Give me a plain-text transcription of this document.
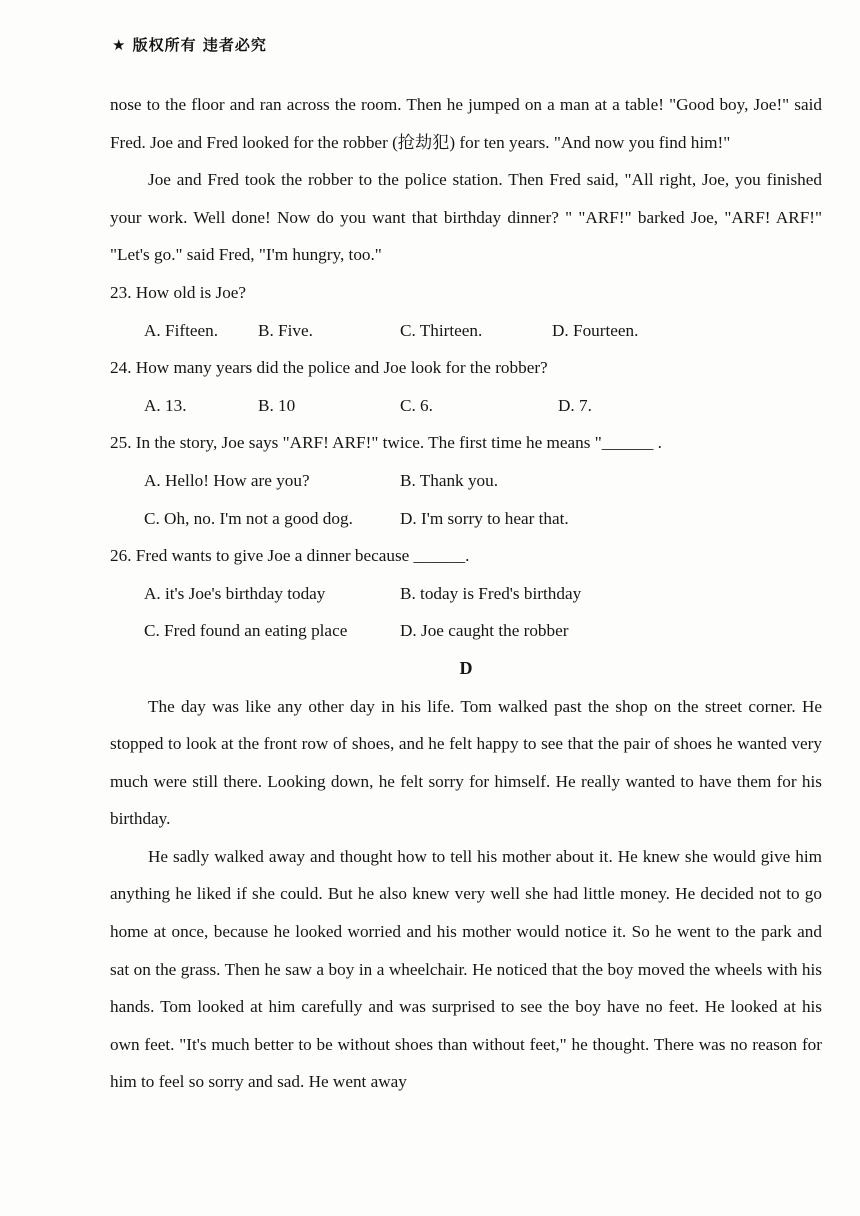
★ 版权所有 违者必究

nose to the floor and ran across the room. Then he jumped on a man at a table! "Good boy, Joe!" said Fred. Joe and Fred looked for the robber (抢劫犯) for ten years. "And now you find him!"

Joe and Fred took the robber to the police station. Then Fred said, "All right, Joe, you finished your work. Well done! Now do you want that birthday dinner? " "ARF!" barked Joe, "ARF! ARF!" "Let's go." said Fred, "I'm hungry, too."

23. How old is Joe?

A. Fifteen. B. Five.	C. Thirteen.	D. Fourteen.

24. How many years did the police and Joe look for the robber?

A. 13.	B. 10	C. 6.	D. 7.

25. In the story, Joe says "ARF! ARF!" twice. The first time he means "______ .

A. Hello! How are you?	B. Thank you.
C. Oh, no. I'm not a good dog.	D. I'm sorry to hear that.

26. Fred wants to give Joe a dinner because ______.

A. it's Joe's birthday today	B. today is Fred's birthday
C. Fred found an eating place	D. Joe caught the robber

D

The day was like any other day in his life. Tom walked past the shop on the street corner. He stopped to look at the front row of shoes, and he felt happy to see that the pair of shoes he wanted very much were still there. Looking down, he felt sorry for himself. He really wanted to have them for his birthday.

He sadly walked away and thought how to tell his mother about it. He knew she would give him anything he liked if she could. But he also knew very well she had little money. He decided not to go home at once, because he looked worried and his mother would notice it. So he went to the park and sat on the grass. Then he saw a boy in a wheelchair. He noticed that the boy moved the wheels with his hands. Tom looked at him carefully and was surprised to see the boy have no feet. He looked at his own feet. "It's much better to be without shoes than without feet," he thought. There was no reason for him to feel so sorry and sad. He went away
